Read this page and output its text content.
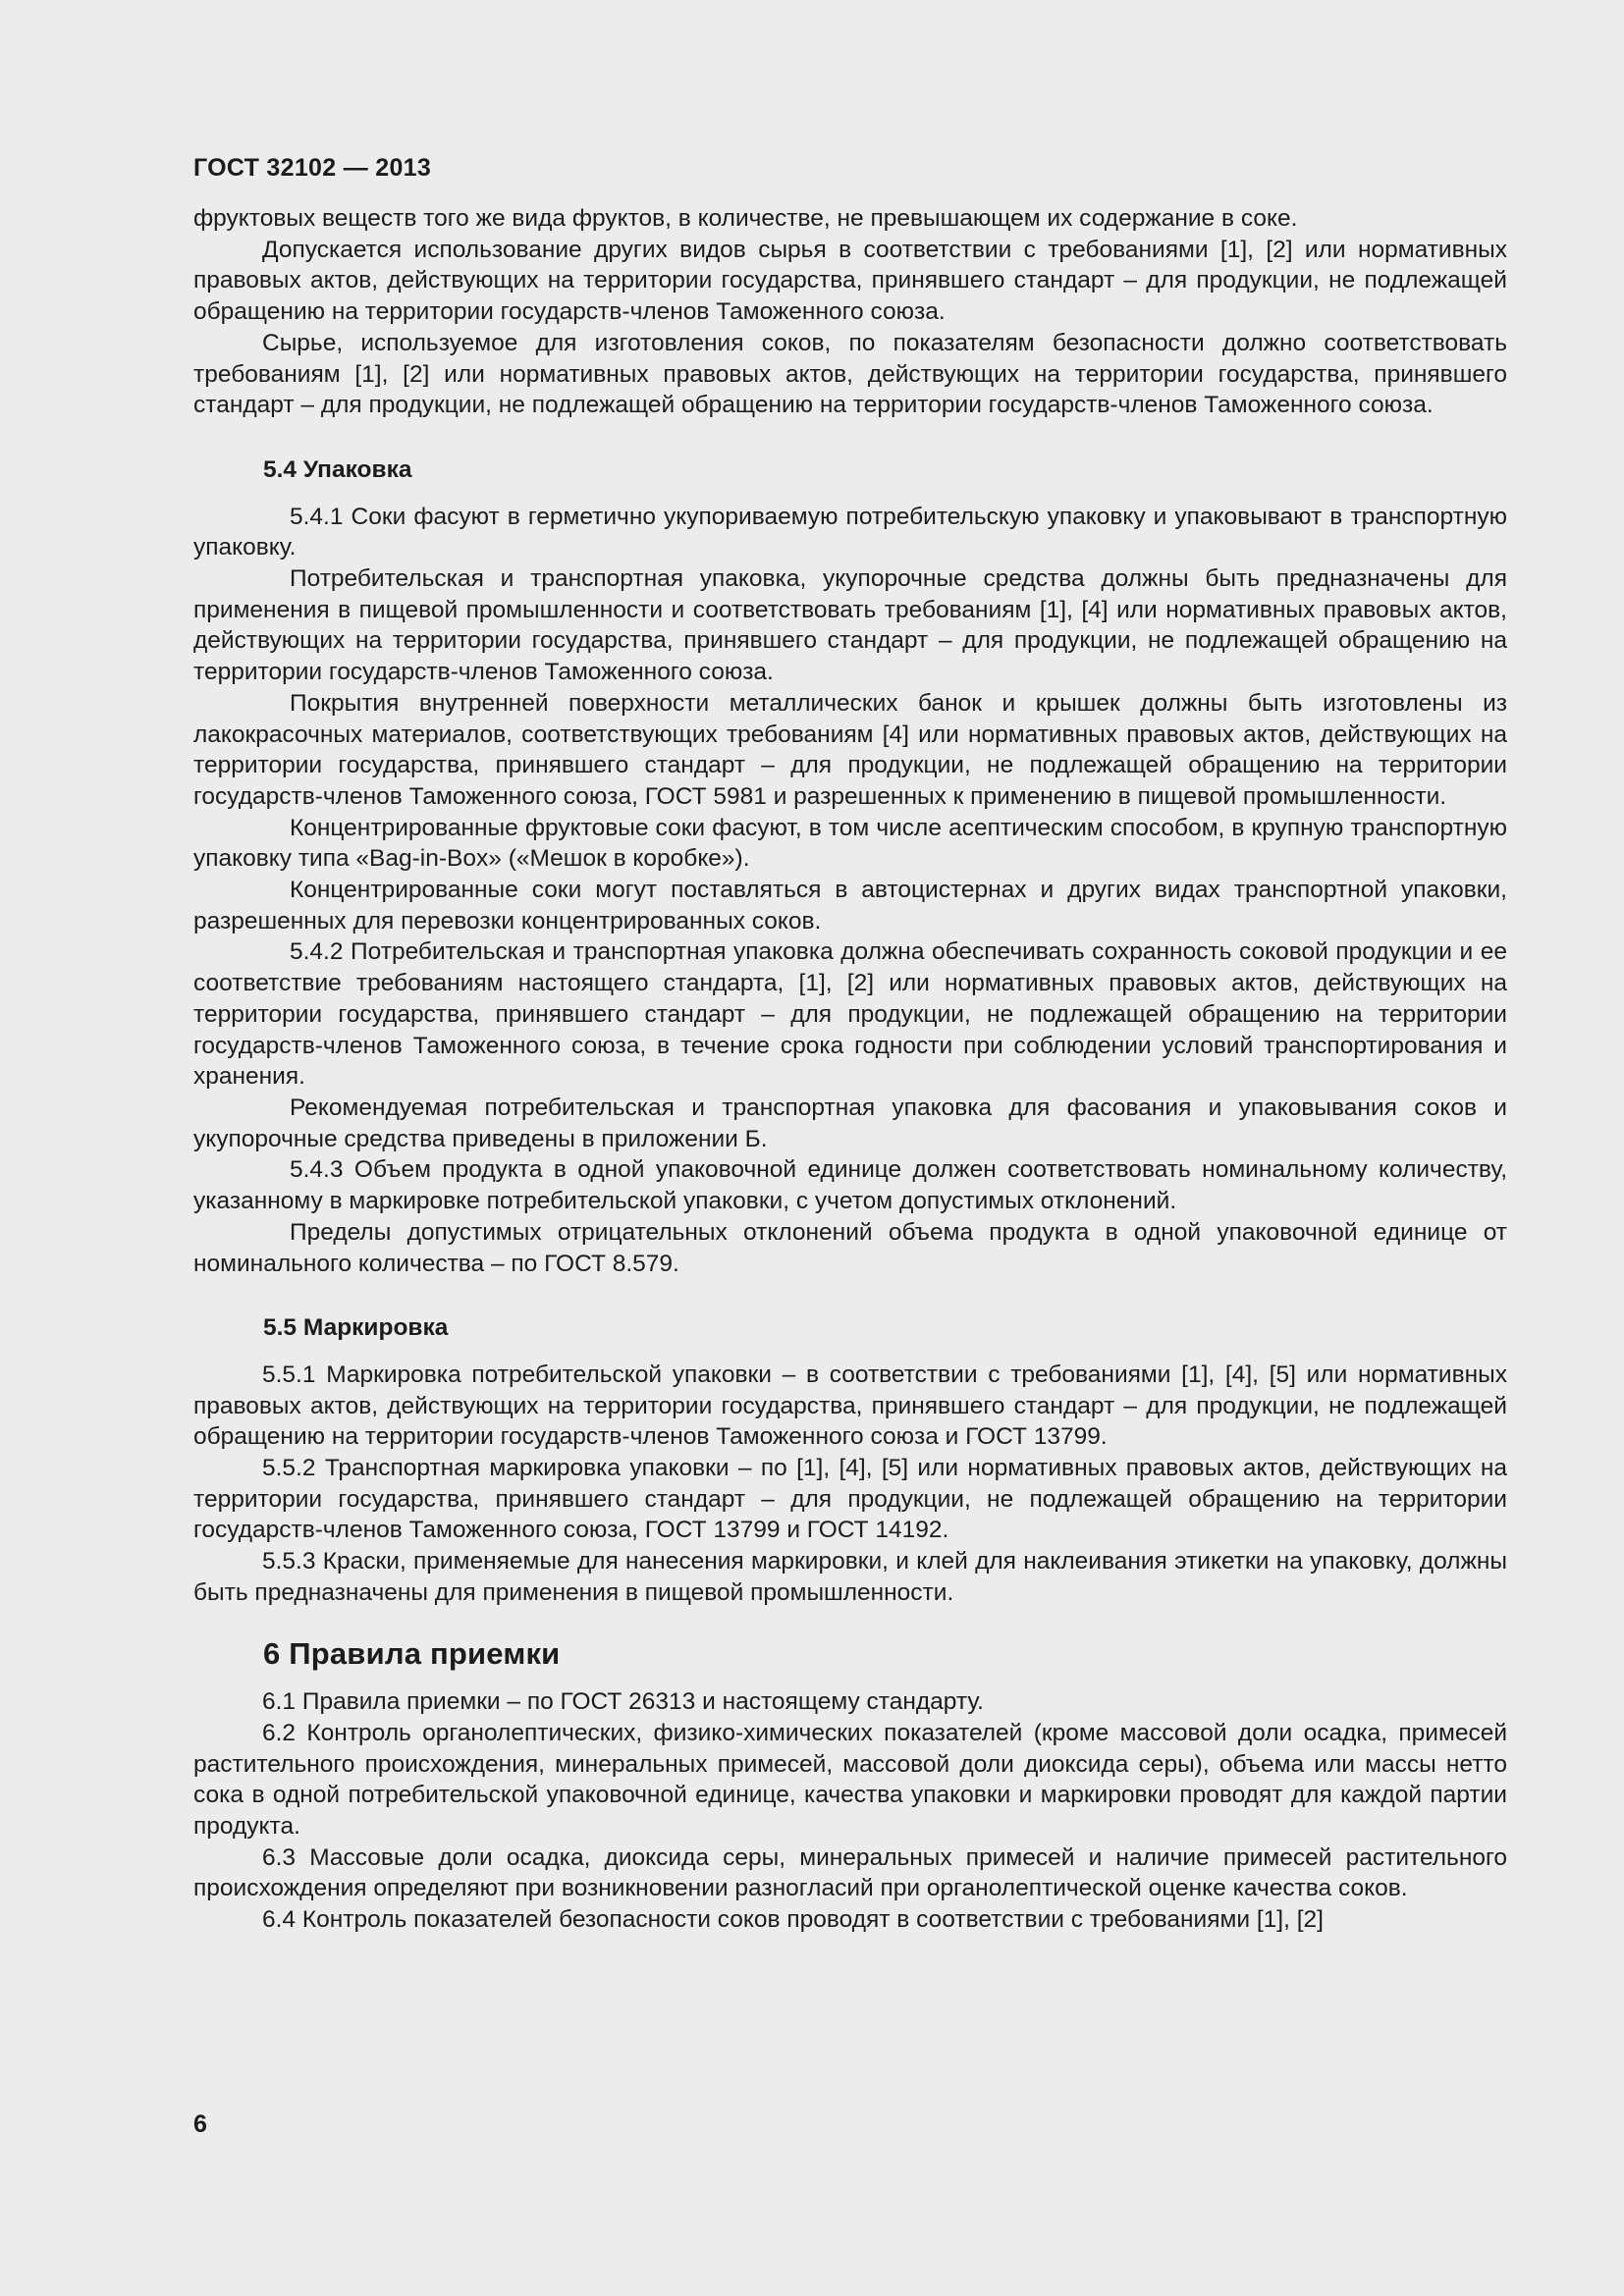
ГОСТ 32102 — 2013

фруктовых веществ того же вида фруктов, в количестве, не превышающем их содержание в соке.

Допускается использование других видов сырья в соответствии с требованиями [1], [2] или нормативных правовых актов, действующих на территории государства, принявшего стандарт – для продукции, не подлежащей обращению на территории государств-членов Таможенного союза.

Сырье, используемое для изготовления соков, по показателям безопасности должно соответствовать требованиям [1], [2] или нормативных правовых актов, действующих на территории государства, принявшего стандарт – для продукции, не подлежащей обращению на территории государств-членов Таможенного союза.

5.4 Упаковка

5.4.1 Соки фасуют в герметично укупориваемую потребительскую упаковку и упаковывают в транспортную упаковку.

Потребительская и транспортная упаковка, укупорочные средства должны быть предназначены для применения в пищевой промышленности и соответствовать требованиям [1], [4] или нормативных правовых актов, действующих на территории государства, принявшего стандарт – для продукции, не подлежащей обращению на территории государств-членов Таможенного союза.

Покрытия внутренней поверхности металлических банок и крышек должны быть изготовлены из лакокрасочных материалов, соответствующих требованиям [4] или нормативных правовых актов, действующих на территории государства, принявшего стандарт – для продукции, не подлежащей обращению на территории государств-членов Таможенного союза, ГОСТ 5981 и разрешенных к применению в пищевой промышленности.

Концентрированные фруктовые соки фасуют, в том числе асептическим способом, в крупную транспортную упаковку типа «Bag-in-Box» («Мешок в коробке»).

Концентрированные соки могут поставляться в автоцистернах и других видах транспортной упаковки, разрешенных для перевозки концентрированных соков.

5.4.2 Потребительская и транспортная упаковка должна обеспечивать сохранность соковой продукции и ее соответствие требованиям настоящего стандарта, [1], [2] или нормативных правовых актов, действующих на территории государства, принявшего стандарт – для продукции, не подлежащей обращению на территории государств-членов Таможенного союза, в течение срока годности при соблюдении условий транспортирования и хранения.

Рекомендуемая потребительская и транспортная упаковка для фасования и упаковывания соков и укупорочные средства приведены в приложении Б.

5.4.3 Объем продукта в одной упаковочной единице должен соответствовать номинальному количеству, указанному в маркировке потребительской упаковки, с учетом допустимых отклонений.

Пределы допустимых отрицательных отклонений объема продукта в одной упаковочной единице от номинального количества – по ГОСТ 8.579.

5.5 Маркировка

5.5.1 Маркировка потребительской упаковки – в соответствии с требованиями [1], [4], [5] или нормативных правовых актов, действующих на территории государства, принявшего стандарт – для продукции, не подлежащей обращению на территории государств-членов Таможенного союза и ГОСТ 13799.

5.5.2 Транспортная маркировка упаковки – по [1], [4], [5] или нормативных правовых актов, действующих на территории государства, принявшего стандарт – для продукции, не подлежащей обращению на территории государств-членов Таможенного союза, ГОСТ 13799 и ГОСТ 14192.

5.5.3 Краски, применяемые для нанесения маркировки, и клей для наклеивания этикетки на упаковку, должны быть предназначены для применения в пищевой промышленности.

6 Правила приемки

6.1 Правила приемки – по ГОСТ 26313 и настоящему стандарту.

6.2 Контроль органолептических, физико-химических показателей (кроме массовой доли осадка, примесей растительного происхождения, минеральных примесей, массовой доли диоксида серы), объема или массы нетто сока в одной потребительской упаковочной единице, качества упаковки и маркировки проводят для каждой партии продукта.

6.3 Массовые доли осадка, диоксида серы, минеральных примесей и наличие примесей растительного происхождения определяют при возникновении разногласий при органолептической оценке качества соков.

6.4 Контроль показателей безопасности соков проводят в соответствии с требованиями [1], [2]

6
